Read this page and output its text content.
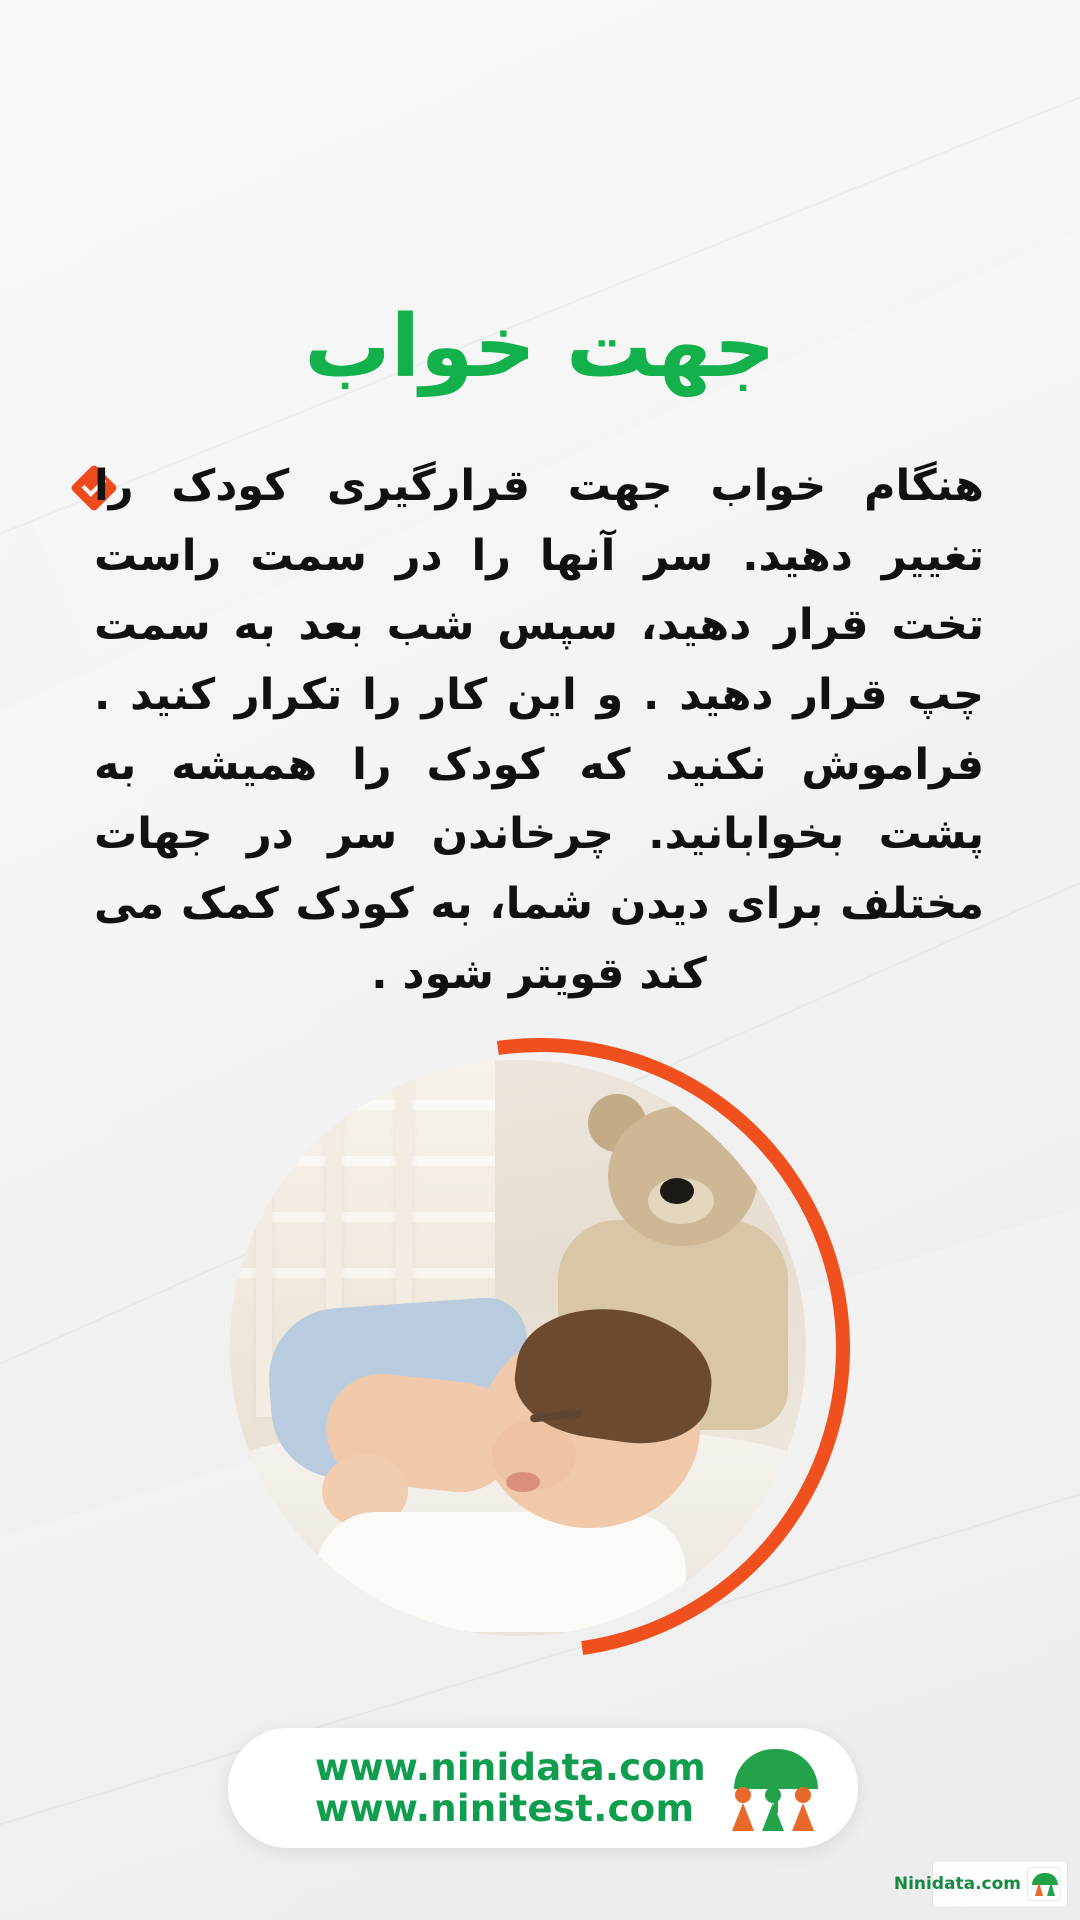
جهت خواب

هنگام خواب جهت قرارگیری کودک را تغییر دهید. سر آنها را در سمت راست تخت قرار دهید، سپس شب بعد به سمت چپ قرار دهید . و این کار را تکرار کنید . فراموش نکنید که کودک را همیشه به پشت بخوابانید. چرخاندن سر در جهات مختلف برای دیدن شما، به کودک کمک می کند قویتر شود .

www.ninidata.com
www.ninitest.com
Ninidata.com
